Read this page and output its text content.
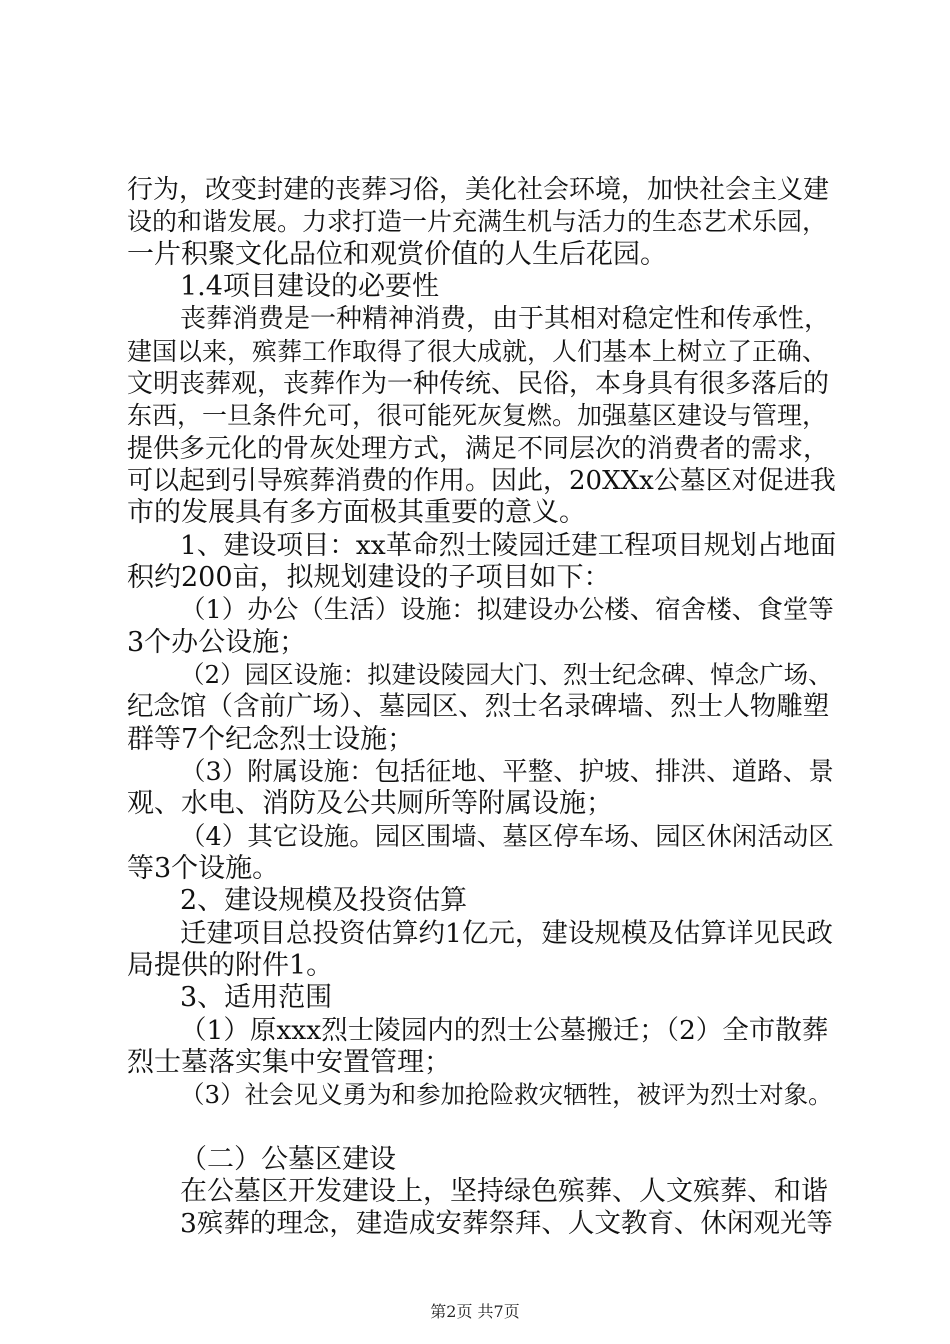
行为，改变封建的丧葬习俗，美化社会环境，加快社会主义建
设的和谐发展。力求打造一片充满生机与活力的生态艺术乐园，
一片积聚文化品位和观赏价值的人生后花园。
1.4项目建设的必要性
丧葬消费是一种精神消费，由于其相对稳定性和传承性，
建国以来，殡葬工作取得了很大成就，人们基本上树立了正确、
文明丧葬观，丧葬作为一种传统、民俗，本身具有很多落后的
东西，一旦条件允可，很可能死灰复燃。加强墓区建设与管理，
提供多元化的骨灰处理方式，满足不同层次的消费者的需求，
可以起到引导殡葬消费的作用。因此，20XXx公墓区对促进我
市的发展具有多方面极其重要的意义。
1、建设项目：xx革命烈士陵园迁建工程项目规划占地面
积约200亩，拟规划建设的子项目如下：
（1）办公（生活）设施：拟建设办公楼、宿舍楼、食堂等
3个办公设施；
（2）园区设施：拟建设陵园大门、烈士纪念碑、悼念广场、
纪念馆（含前广场）、墓园区、烈士名录碑墙、烈士人物雕塑
群等7个纪念烈士设施；
（3）附属设施：包括征地、平整、护坡、排洪、道路、景
观、水电、消防及公共厕所等附属设施；
（4）其它设施。园区围墙、墓区停车场、园区休闲活动区
等3个设施。
2、建设规模及投资估算
迁建项目总投资估算约1亿元，建设规模及估算详见民政
局提供的附件1。
3、适用范围
（1）原xxx烈士陵园内的烈士公墓搬迁；（2）全市散葬
烈士墓落实集中安置管理；
（3）社会见义勇为和参加抢险救灾牺牲，被评为烈士对象。
（二）公墓区建设
在公墓区开发建设上，坚持绿色殡葬、人文殡葬、和谐
3殡葬的理念，建造成安葬祭拜、人文教育、休闲观光等
第2页 共7页
